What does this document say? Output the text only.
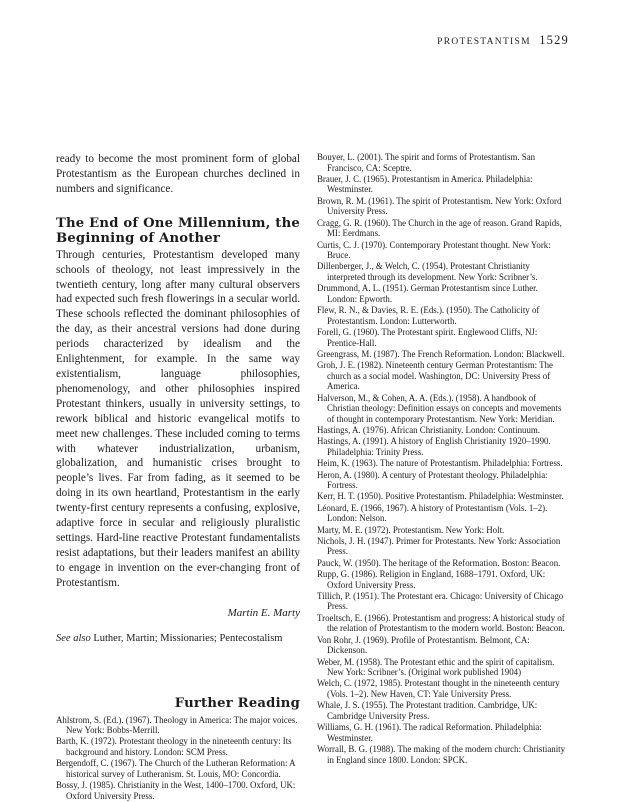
PROTESTANTISM 1529

ready to become the most prominent form of global Protestantism as the European churches declined in numbers and significance.

The End of One Millennium, the Beginning of Another

Through centuries, Protestantism developed many schools of theology, not least impressively in the twentieth century, long after many cultural observers had expected such fresh flowerings in a secular world. These schools reflected the dominant philosophies of the day, as their ancestral versions had done during periods characterized by idealism and the Enlightenment, for example. In the same way existentialism, language philosophies, phenomenology, and other philosophies inspired Protestant thinkers, usually in university settings, to rework biblical and historic evangelical motifs to meet new challenges. These included coming to terms with whatever industrialization, urbanism, globalization, and humanistic crises brought to people’s lives. Far from fading, as it seemed to be doing in its own heartland, Protestantism in the early twenty-first century represents a confusing, explosive, adaptive force in secular and religiously pluralistic settings. Hard-line reactive Protestant fundamentalists resist adaptations, but their leaders manifest an ability to engage in invention on the ever-changing front of Protestantism.

Martin E. Marty

See also Luther, Martin; Missionaries; Pentecostalism

Further Reading
Ahlstrom, S. (Ed.). (1967). Theology in America: The major voices. New York: Bobbs-Merrill.
Barth, K. (1972). Protestant theology in the nineteenth century: Its background and history. London: SCM Press.
Bergendoff, C. (1967). The Church of the Lutheran Reformation: A historical survey of Lutheranism. St. Louis, MO: Concordia.
Bossy, J. (1985). Christianity in the West, 1400–1700. Oxford, UK: Oxford University Press.
Bouyer, L. (2001). The spirit and forms of Protestantism. San Francisco, CA: Sceptre.
Brauer, J. C. (1965). Protestantism in America. Philadelphia: Westminster.
Brown, R. M. (1961). The spirit of Protestantism. New York: Oxford University Press.
Cragg, G. R. (1960). The Church in the age of reason. Grand Rapids, MI: Eerdmans.
Curtis, C. J. (1970). Contemporary Protestant thought. New York: Bruce.
Dillenberger, J., & Welch, C. (1954). Protestant Christianity interpreted through its development. New York: Scribner’s.
Drummond, A. L. (1951). German Protestantism since Luther. London: Epworth.
Flew, R. N., & Davies, R. E. (Eds.). (1950). The Catholicity of Protestantism. London: Lutterworth.
Forell, G. (1960). The Protestant spirit. Englewood Cliffs, NJ: Prentice-Hall.
Greengrass, M. (1987). The French Reformation. London: Blackwell.
Groh, J. E. (1982). Nineteenth century German Protestantism: The church as a social model. Washington, DC: University Press of America.
Halverson, M., & Cohen, A. A. (Eds.). (1958). A handbook of Christian theology: Definition essays on concepts and movements of thought in contemporary Protestantism. New York: Meridian.
Hastings, A. (1976). African Christianity. London: Continuum.
Hastings, A. (1991). A history of English Christianity 1920–1990. Philadelphia: Trinity Press.
Heim, K. (1963). The nature of Protestantism. Philadelphia: Fortress.
Heron, A. (1980). A century of Protestant theology. Philadelphia: Fortress.
Kerr, H. T. (1950). Positive Protestantism. Philadelphia: Westminster.
Léonard, E. (1966, 1967). A history of Protestantism (Vols. 1–2). London: Nelson.
Marty, M. E. (1972). Protestantism. New York: Holt.
Nichols, J. H. (1947). Primer for Protestants. New York: Association Press.
Pauck, W. (1950). The heritage of the Reformation. Boston: Beacon.
Rupp, G. (1986). Religion in England, 1688–1791. Oxford, UK: Oxford University Press.
Tillich, P. (1951). The Protestant era. Chicago: University of Chicago Press.
Troeltsch, E. (1966). Protestantism and progress: A historical study of the relation of Protestantism to the modern world. Boston: Beacon.
Von Rohr, J. (1969). Profile of Protestantism. Belmont, CA: Dickenson.
Weber, M. (1958). The Protestant ethic and the spirit of capitalism. New York: Scribner’s. (Original work published 1904)
Welch, C. (1972, 1985). Protestant thought in the nineteenth century (Vols. 1–2). New Haven, CT: Yale University Press.
Whale, J. S. (1955). The Protestant tradition. Cambridge, UK: Cambridge University Press.
Williams, G. H. (1961). The radical Reformation. Philadelphia: Westminster.
Worrall, B. G. (1988). The making of the modern church: Christianity in England since 1800. London: SPCK.
